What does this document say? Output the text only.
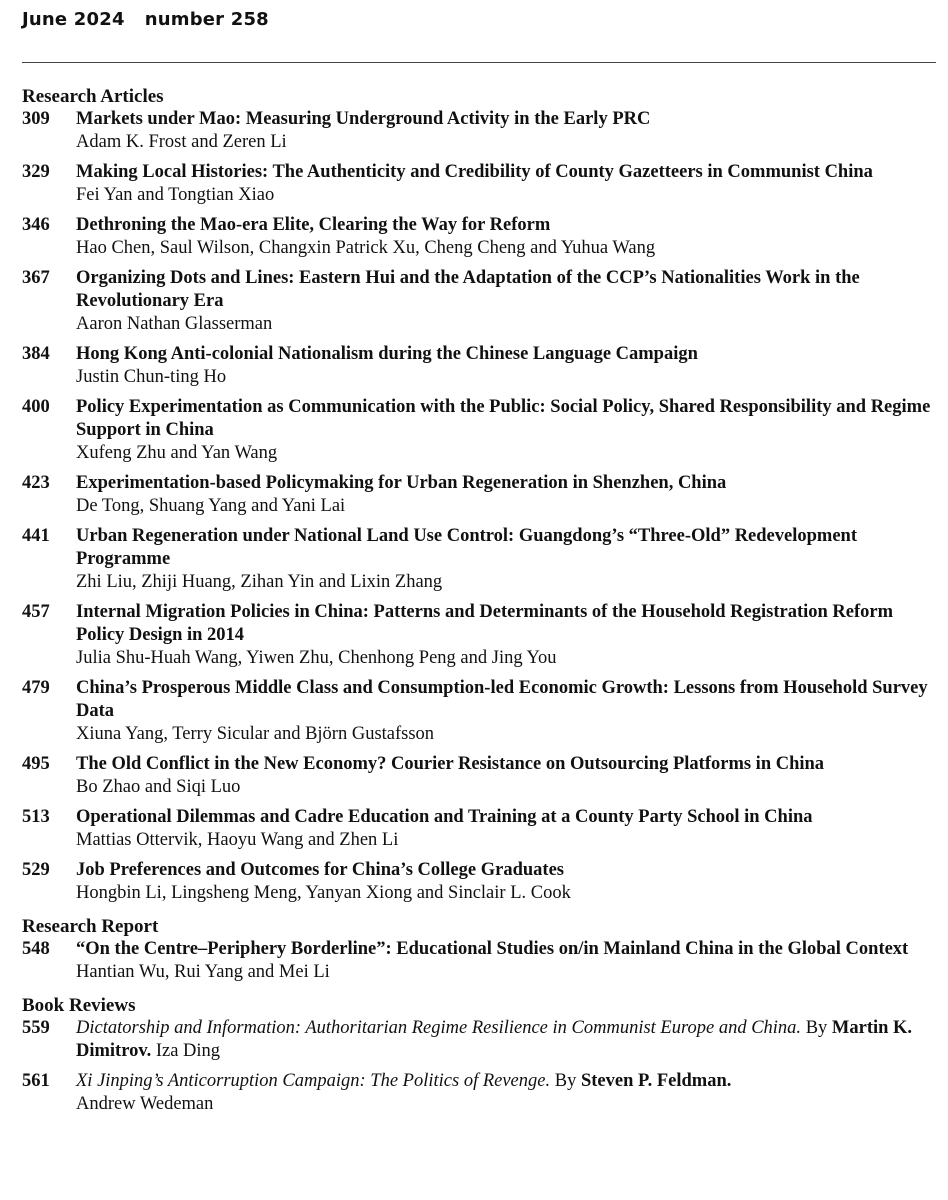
June 2024 number 258
Research Articles
309	Markets under Mao: Measuring Underground Activity in the Early PRC
Adam K. Frost and Zeren Li
329	Making Local Histories: The Authenticity and Credibility of County Gazetteers in Communist China
Fei Yan and Tongtian Xiao
346	Dethroning the Mao-era Elite, Clearing the Way for Reform
Hao Chen, Saul Wilson, Changxin Patrick Xu, Cheng Cheng and Yuhua Wang
367	Organizing Dots and Lines: Eastern Hui and the Adaptation of the CCP’s Nationalities Work in the Revolutionary Era
Aaron Nathan Glasserman
384	Hong Kong Anti-colonial Nationalism during the Chinese Language Campaign
Justin Chun-ting Ho
400	Policy Experimentation as Communication with the Public: Social Policy, Shared Responsibility and Regime Support in China
Xufeng Zhu and Yan Wang
423	Experimentation-based Policymaking for Urban Regeneration in Shenzhen, China
De Tong, Shuang Yang and Yani Lai
441	Urban Regeneration under National Land Use Control: Guangdong’s “Three-Old” Redevelopment Programme
Zhi Liu, Zhiji Huang, Zihan Yin and Lixin Zhang
457	Internal Migration Policies in China: Patterns and Determinants of the Household Registration Reform Policy Design in 2014
Julia Shu-Huah Wang, Yiwen Zhu, Chenhong Peng and Jing You
479	China’s Prosperous Middle Class and Consumption-led Economic Growth: Lessons from Household Survey Data
Xiuna Yang, Terry Sicular and Björn Gustafsson
495	The Old Conflict in the New Economy? Courier Resistance on Outsourcing Platforms in China
Bo Zhao and Siqi Luo
513	Operational Dilemmas and Cadre Education and Training at a County Party School in China
Mattias Ottervik, Haoyu Wang and Zhen Li
529	Job Preferences and Outcomes for China’s College Graduates
Hongbin Li, Lingsheng Meng, Yanyan Xiong and Sinclair L. Cook
Research Report
548	“On the Centre–Periphery Borderline”: Educational Studies on/in Mainland China in the Global Context
Hantian Wu, Rui Yang and Mei Li
Book Reviews
559	Dictatorship and Information: Authoritarian Regime Resilience in Communist Europe and China. By Martin K. Dimitrov. Iza Ding
561	Xi Jinping’s Anticorruption Campaign: The Politics of Revenge. By Steven P. Feldman.
Andrew Wedeman
